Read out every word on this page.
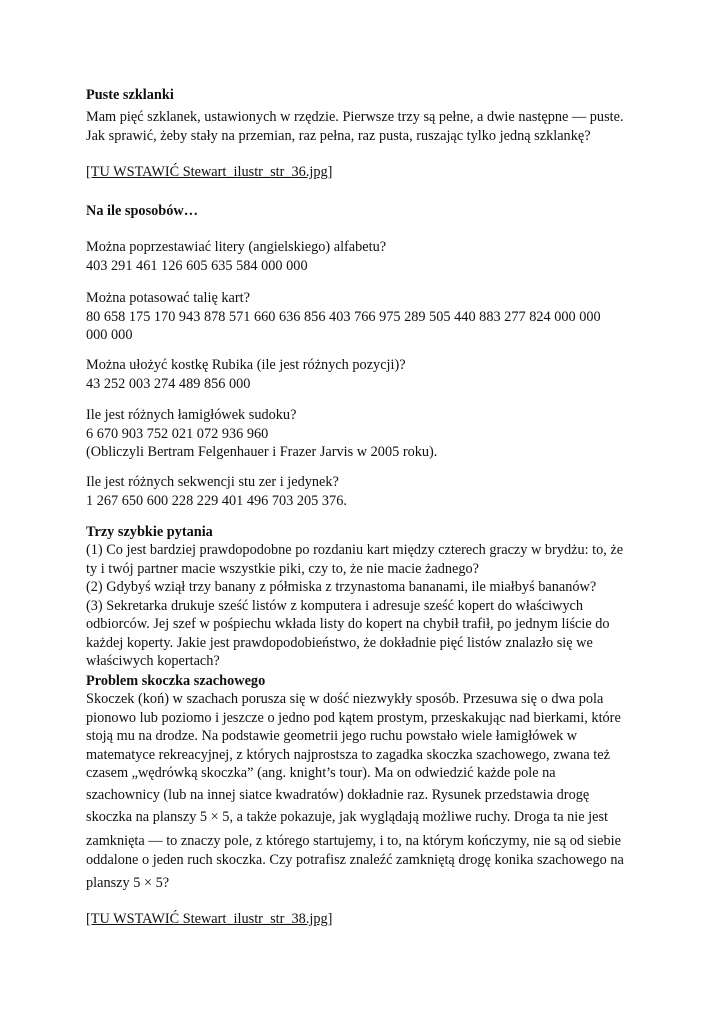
Puste szklanki
Mam pięć szklanek, ustawionych w rzędzie. Pierwsze trzy są pełne, a dwie następne — puste.
Jak sprawić, żeby stały na przemian, raz pełna, raz pusta, ruszając tylko jedną szklankę?
[TU WSTAWIĆ Stewart_ilustr_str_36.jpg]
Na ile sposobów…
Można poprzestawiać litery (angielskiego) alfabetu?
403 291 461 126 605 635 584 000 000
Można potasować talię kart?
80 658 175 170 943 878 571 660 636 856 403 766 975 289 505 440 883 277 824 000 000
000 000
Można ułożyć kostkę Rubika (ile jest różnych pozycji)?
43 252 003 274 489 856 000
Ile jest różnych łamigłówek sudoku?
6 670 903 752 021 072 936 960
(Obliczyli Bertram Felgenhauer i Frazer Jarvis w 2005 roku).
Ile jest różnych sekwencji stu zer i jedynek?
1 267 650 600 228 229 401 496 703 205 376.
Trzy szybkie pytania
(1) Co jest bardziej prawdopodobne po rozdaniu kart między czterech graczy w brydżu: to, że
ty i twój partner macie wszystkie piki, czy to, że nie macie żadnego?
(2) Gdybyś wziął trzy banany z półmiska z trzynastoma bananami, ile miałbyś bananów?
(3) Sekretarka drukuje sześć listów z komputera i adresuje sześć kopert do właściwych
odbiorców. Jej szef w pośpiechu wkłada listy do kopert na chybił trafił, po jednym liście do
każdej koperty. Jakie jest prawdopodobieństwo, że dokładnie pięć listów znalazło się we
właściwych kopertach?
Problem skoczka szachowego
Skoczek (koń) w szachach porusza się w dość niezwykły sposób. Przesuwa się o dwa pola
pionowo lub poziomo i jeszcze o jedno pod kątem prostym, przeskakując nad bierkami, które
stoją mu na drodze. Na podstawie geometrii jego ruchu powstało wiele łamigłówek w
matematyce rekreacyjnej, z których najprostsza to zagadka skoczka szachowego, zwana też
czasem „wędrówką skoczka” (ang. knight’s tour). Ma on odwiedzić każde pole na
szachownicy (lub na innej siatce kwadratów) dokładnie raz. Rysunek przedstawia drogę
skoczka na planszy 5 × 5, a także pokazuje, jak wyglądają możliwe ruchy. Droga ta nie jest
zamknięta — to znaczy pole, z którego startujemy, i to, na którym kończymy, nie są od siebie
oddalone o jeden ruch skoczka. Czy potrafisz znaleźć zamkniętą drogę konika szachowego na
planszy 5 × 5?
[TU WSTAWIĆ Stewart_ilustr_str_38.jpg]
